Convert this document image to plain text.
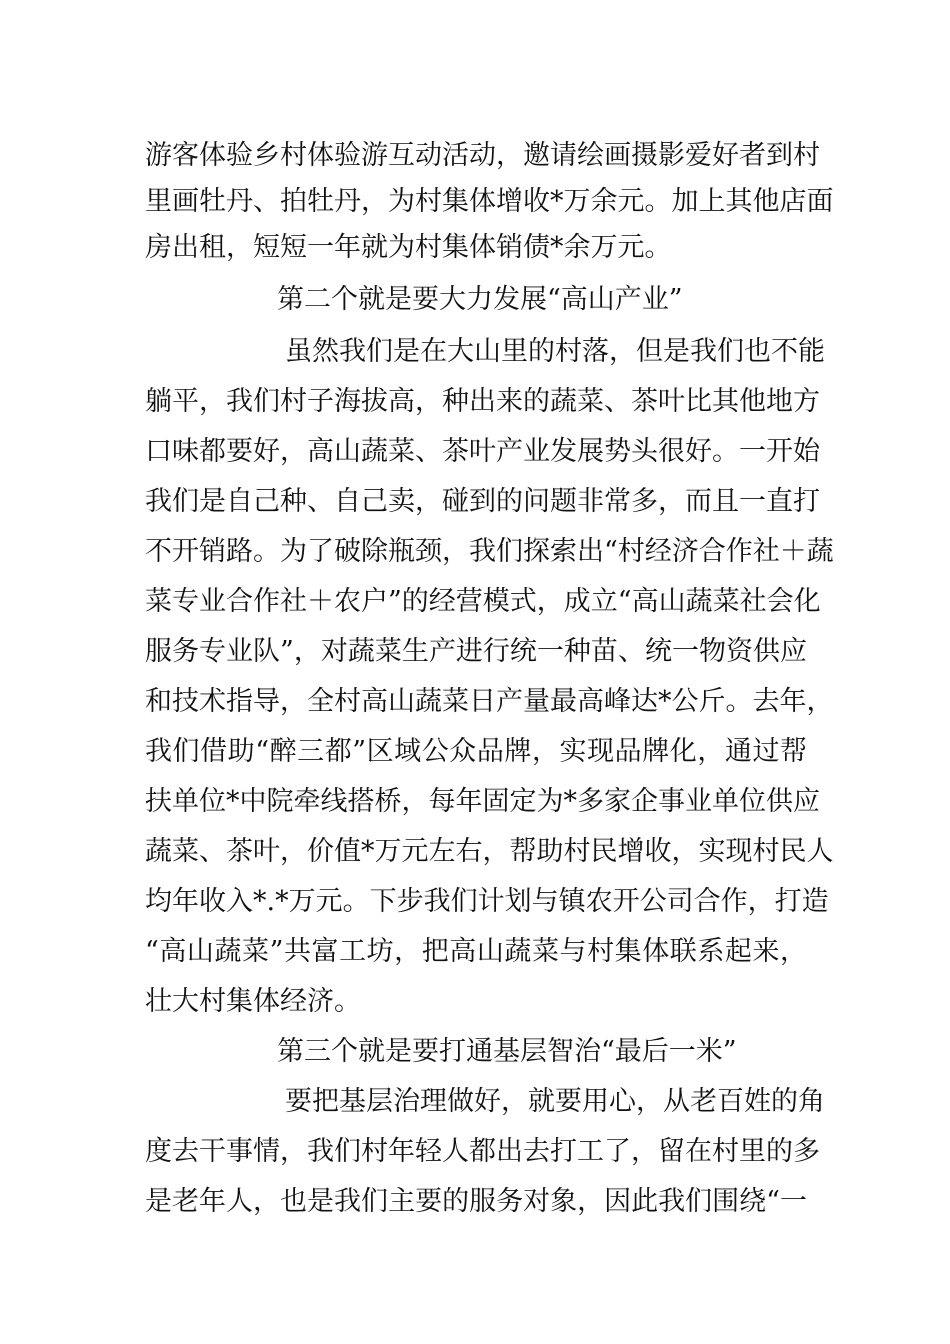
游客体验乡村体验游互动活动，邀请绘画摄影爱好者到村
里画牡丹、拍牡丹，为村集体增收*万余元。加上其他店面
房出租，短短一年就为村集体销债*余万元。
第二个就是要大力发展“高山产业”
虽然我们是在大山里的村落，但是我们也不能
躺平，我们村子海拔高，种出来的蔬菜、茶叶比其他地方
口味都要好，高山蔬菜、茶叶产业发展势头很好。一开始
我们是自己种、自己卖，碰到的问题非常多，而且一直打
不开销路。为了破除瓶颈，我们探索出“村经济合作社＋蔬
菜专业合作社＋农户”的经营模式，成立“高山蔬菜社会化
服务专业队”，对蔬菜生产进行统一种苗、统一物资供应
和技术指导，全村高山蔬菜日产量最高峰达*公斤。去年，
我们借助“醉三都”区域公众品牌，实现品牌化，通过帮
扶单位*中院牵线搭桥，每年固定为*多家企事业单位供应
蔬菜、茶叶，价值*万元左右，帮助村民增收，实现村民人
均年收入*.*万元。下步我们计划与镇农开公司合作，打造
“高山蔬菜”共富工坊，把高山蔬菜与村集体联系起来，
壮大村集体经济。
第三个就是要打通基层智治“最后一米”
要把基层治理做好，就要用心，从老百姓的角
度去干事情，我们村年轻人都出去打工了，留在村里的多
是老年人，也是我们主要的服务对象，因此我们围绕“一
